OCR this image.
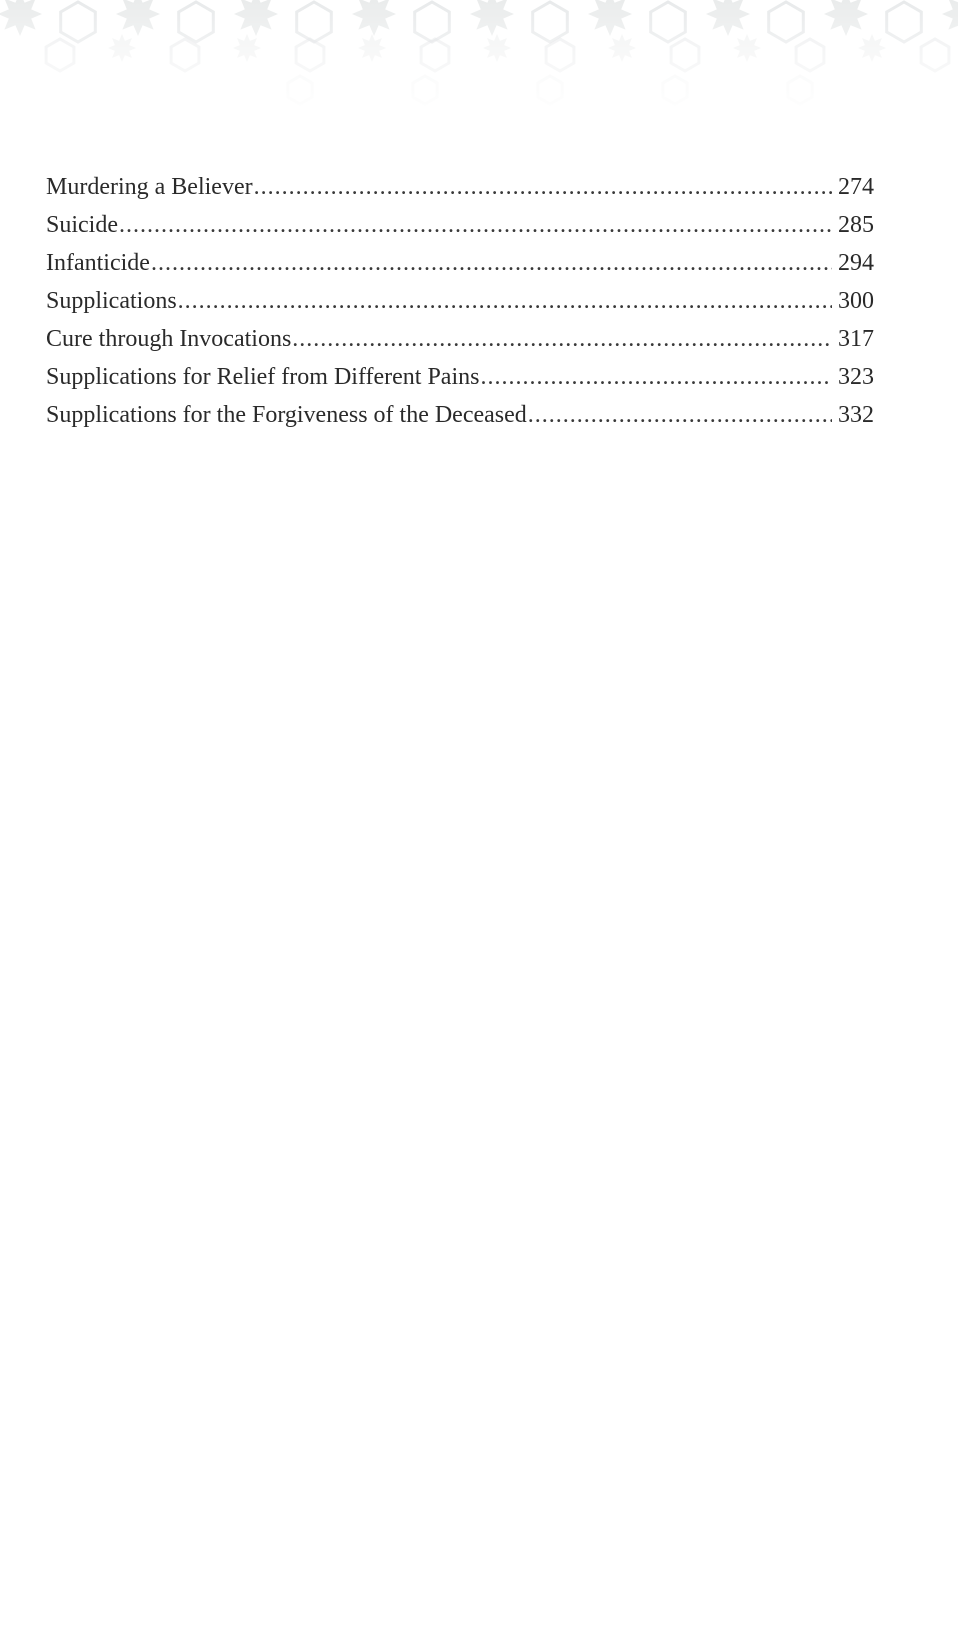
Murdering a Believer .....	274
Suicide .....	285
Infanticide .....	294
Supplications .....	300
Cure through Invocations .....	317
Supplications for Relief from Different Pains .....	323
Supplications for the Forgiveness of the Deceased .....	332
